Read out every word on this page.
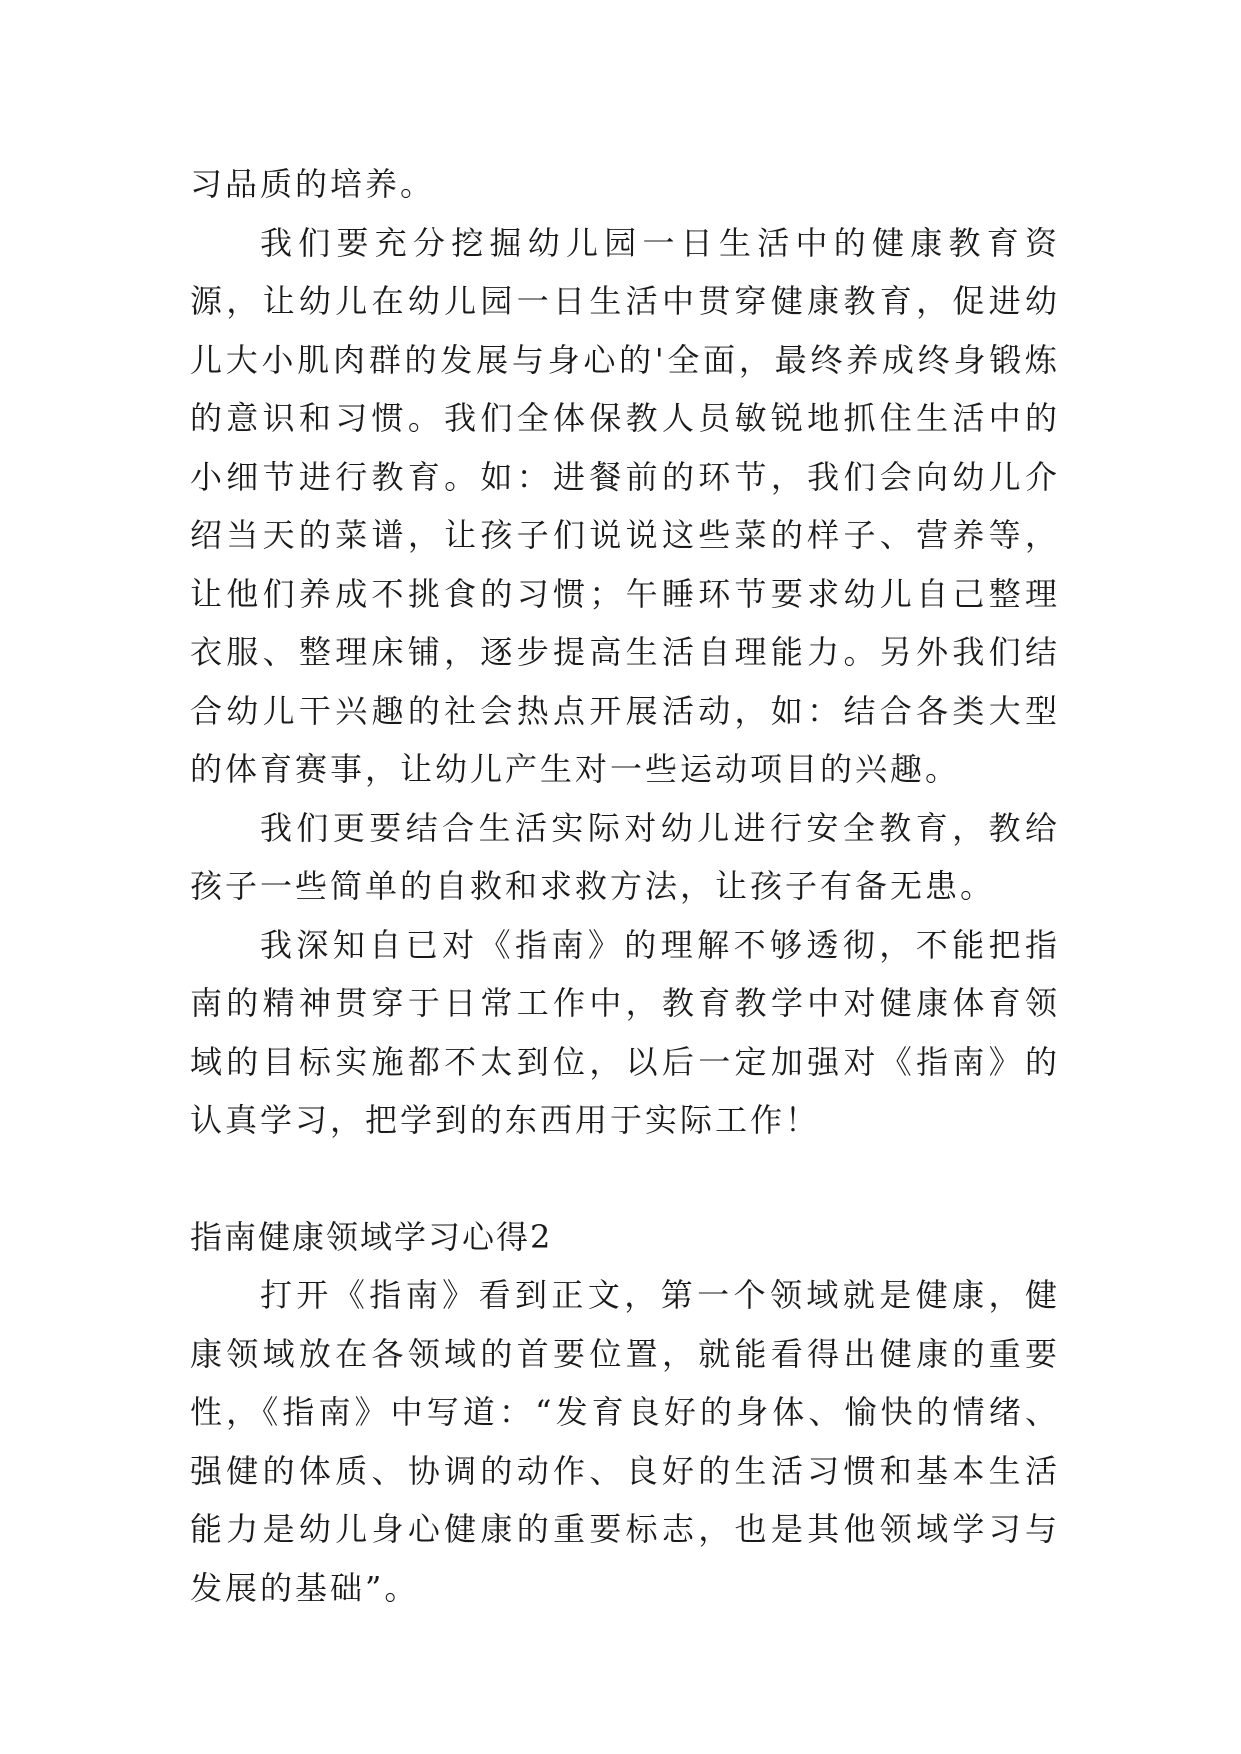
习品质的培养。

我们要充分挖掘幼儿园一日生活中的健康教育资源，让幼儿在幼儿园一日生活中贯穿健康教育，促进幼儿大小肌肉群的发展与身心的'全面，最终养成终身锻炼的意识和习惯。我们全体保教人员敏锐地抓住生活中的小细节进行教育。如：进餐前的环节，我们会向幼儿介绍当天的菜谱，让孩子们说说这些菜的样子、营养等，让他们养成不挑食的习惯；午睡环节要求幼儿自己整理衣服、整理床铺，逐步提高生活自理能力。另外我们结合幼儿干兴趣的社会热点开展活动，如：结合各类大型的体育赛事，让幼儿产生对一些运动项目的兴趣。

我们更要结合生活实际对幼儿进行安全教育，教给孩子一些简单的自救和求救方法，让孩子有备无患。

我深知自已对《指南》的理解不够透彻，不能把指南的精神贯穿于日常工作中，教育教学中对健康体育领域的目标实施都不太到位，以后一定加强对《指南》的认真学习，把学到的东西用于实际工作！

指南健康领域学习心得2

打开《指南》看到正文，第一个领域就是健康，健康领域放在各领域的首要位置，就能看得出健康的重要性，《指南》中写道：“发育良好的身体、愉快的情绪、强健的体质、协调的动作、良好的生活习惯和基本生活能力是幼儿身心健康的重要标志，也是其他领域学习与发展的基础”。
